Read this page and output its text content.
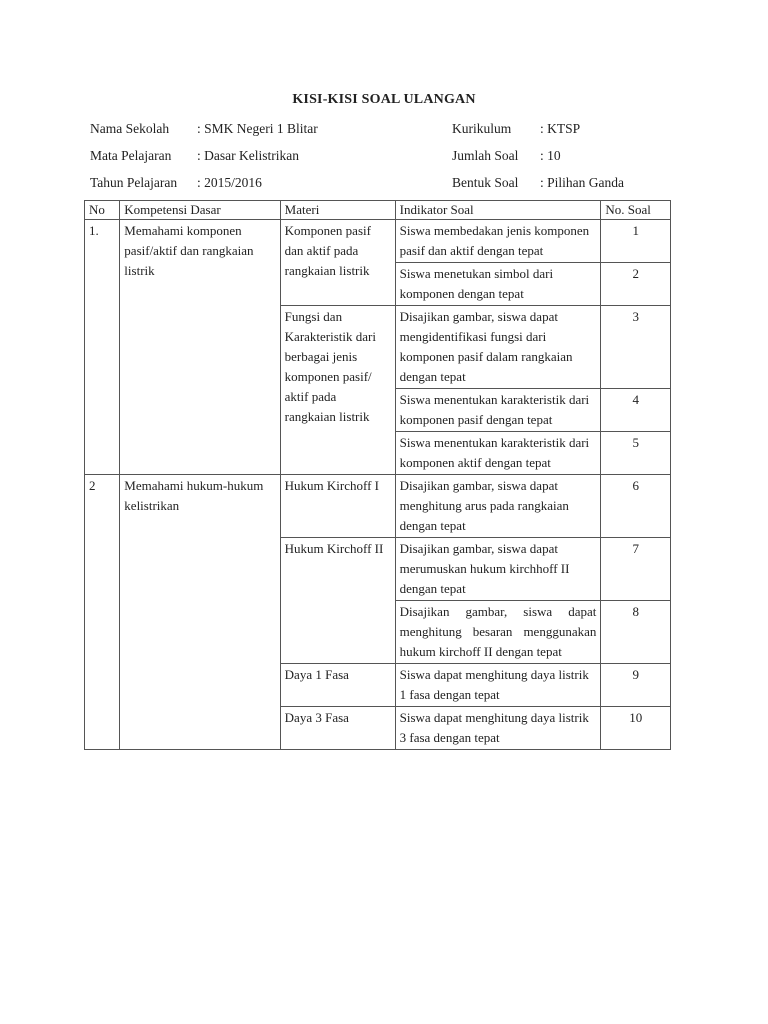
KISI-KISI SOAL ULANGAN
Nama Sekolah : SMK Negeri 1 Blitar
Mata Pelajaran : Dasar Kelistrikan
Tahun Pelajaran : 2015/2016
Kurikulum : KTSP
Jumlah Soal : 10
Bentuk Soal : Pilihan Ganda
No	Kompetensi Dasar	Materi	Indikator Soal	No. Soal
1.	Memahami komponen pasif/aktif dan rangkaian listrik	Komponen pasif dan aktif pada rangkaian listrik	Siswa membedakan jenis komponen pasif dan aktif dengan tepat	1
			Siswa menetukan simbol dari komponen dengan tepat	2
		Fungsi dan Karakteristik dari berbagai jenis komponen pasif/ aktif pada rangkaian listrik	Disajikan gambar, siswa dapat mengidentifikasi fungsi dari komponen pasif dalam rangkaian dengan tepat	3
			Siswa menentukan karakteristik dari komponen pasif dengan tepat	4
			Siswa menentukan karakteristik dari komponen aktif dengan tepat	5
2	Memahami hukum-hukum kelistrikan	Hukum Kirchoff I	Disajikan gambar, siswa dapat menghitung arus pada rangkaian dengan tepat	6
		Hukum Kirchoff II	Disajikan gambar, siswa dapat merumuskan hukum kirchhoff II dengan tepat	7
			Disajikan gambar, siswa dapat menghitung besaran menggunakan hukum kirchoff II dengan tepat	8
		Daya 1 Fasa	Siswa dapat menghitung daya listrik 1 fasa dengan tepat	9
		Daya 3 Fasa	Siswa dapat menghitung daya listrik 3 fasa dengan tepat	10
